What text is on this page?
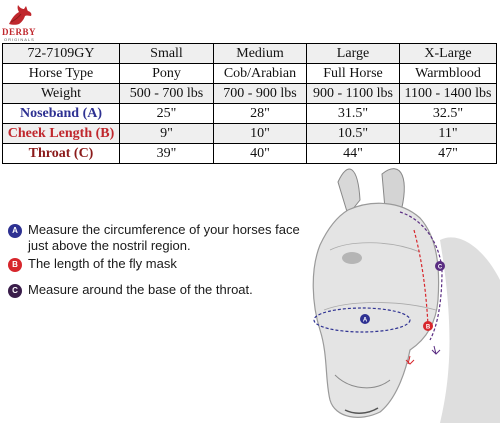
DERBY
ORIGINALS
72-7109GY	Small	Medium	Large	X-Large
Horse Type	Pony	Cob/Arabian	Full Horse	Warmblood
Weight	500 - 700 lbs	700 - 900 lbs	900 - 1100 lbs	1100 - 1400 lbs
Noseband (A)	25"	28"	31.5"	32.5"
Cheek Length (B)	9"	10"	10.5"	11"
Throat (C)	39"	40"	44"	47"
A Measure the circumference of your horses face just above the nostril region.
B The length of the fly mask
C Measure around the base of the throat.
A
B
C
